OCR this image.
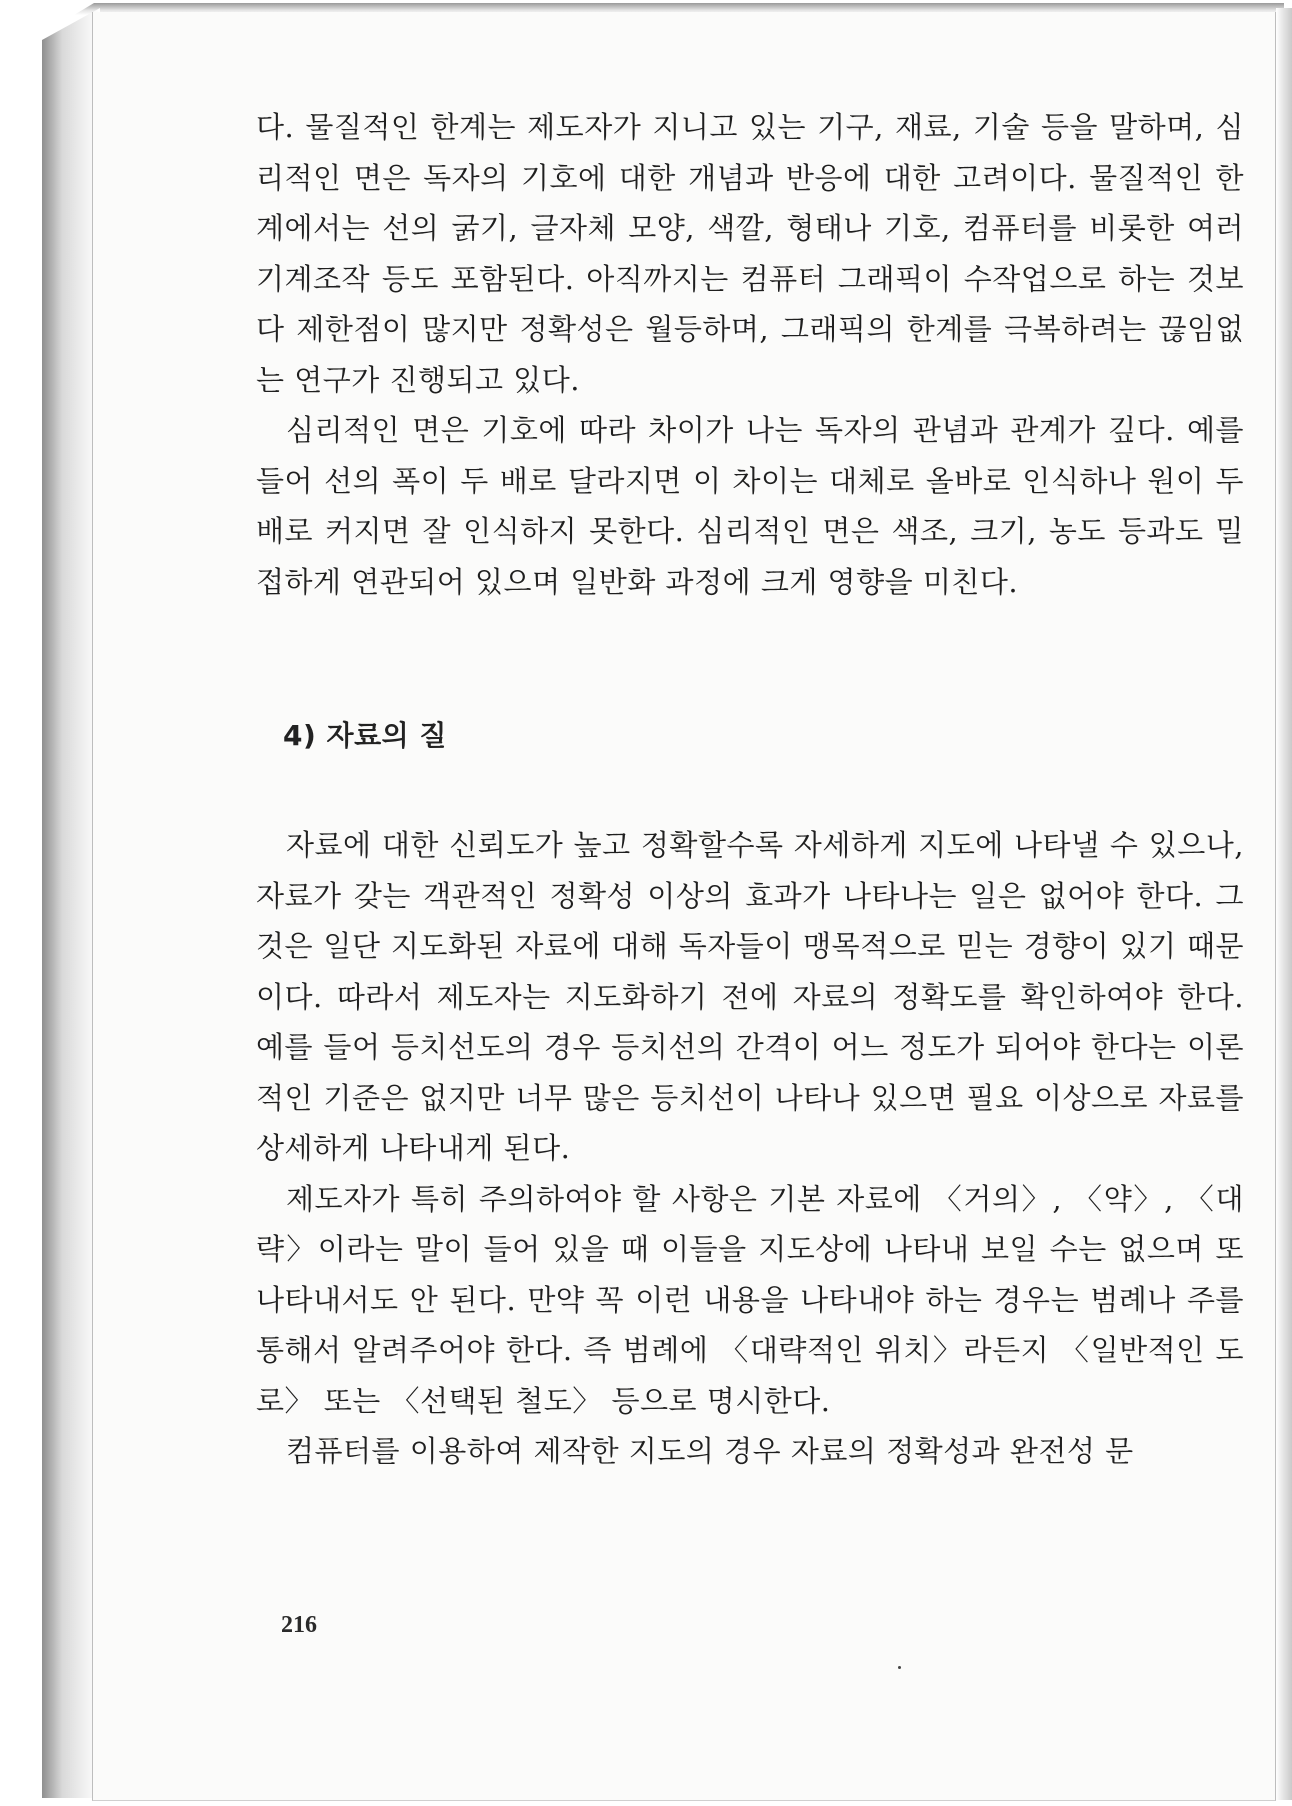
다. 물질적인 한계는 제도자가 지니고 있는 기구, 재료, 기술 등을 말하며, 심리적인 면은 독자의 기호에 대한 개념과 반응에 대한 고려이다. 물질적인 한계에서는 선의 굵기, 글자체 모양, 색깔, 형태나 기호, 컴퓨터를 비롯한 여러 기계조작 등도 포함된다. 아직까지는 컴퓨터 그래픽이 수작업으로 하는 것보다 제한점이 많지만 정확성은 월등하며, 그래픽의 한계를 극복하려는 끊임없는 연구가 진행되고 있다.

심리적인 면은 기호에 따라 차이가 나는 독자의 관념과 관계가 깊다. 예를 들어 선의 폭이 두 배로 달라지면 이 차이는 대체로 올바로 인식하나 원이 두 배로 커지면 잘 인식하지 못한다. 심리적인 면은 색조, 크기, 농도 등과도 밀접하게 연관되어 있으며 일반화 과정에 크게 영향을 미친다.

4) 자료의 질

자료에 대한 신뢰도가 높고 정확할수록 자세하게 지도에 나타낼 수 있으나, 자료가 갖는 객관적인 정확성 이상의 효과가 나타나는 일은 없어야 한다. 그것은 일단 지도화된 자료에 대해 독자들이 맹목적으로 믿는 경향이 있기 때문이다. 따라서 제도자는 지도화하기 전에 자료의 정확도를 확인하여야 한다. 예를 들어 등치선도의 경우 등치선의 간격이 어느 정도가 되어야 한다는 이론적인 기준은 없지만 너무 많은 등치선이 나타나 있으면 필요 이상으로 자료를 상세하게 나타내게 된다.

제도자가 특히 주의하여야 할 사항은 기본 자료에 〈거의〉, 〈약〉, 〈대략〉이라는 말이 들어 있을 때 이들을 지도상에 나타내 보일 수는 없으며 또 나타내서도 안 된다. 만약 꼭 이런 내용을 나타내야 하는 경우는 범례나 주를 통해서 알려주어야 한다. 즉 범례에 〈대략적인 위치〉라든지 〈일반적인 도로〉 또는 〈선택된 철도〉 등으로 명시한다.

컴퓨터를 이용하여 제작한 지도의 경우 자료의 정확성과 완전성 문

216
